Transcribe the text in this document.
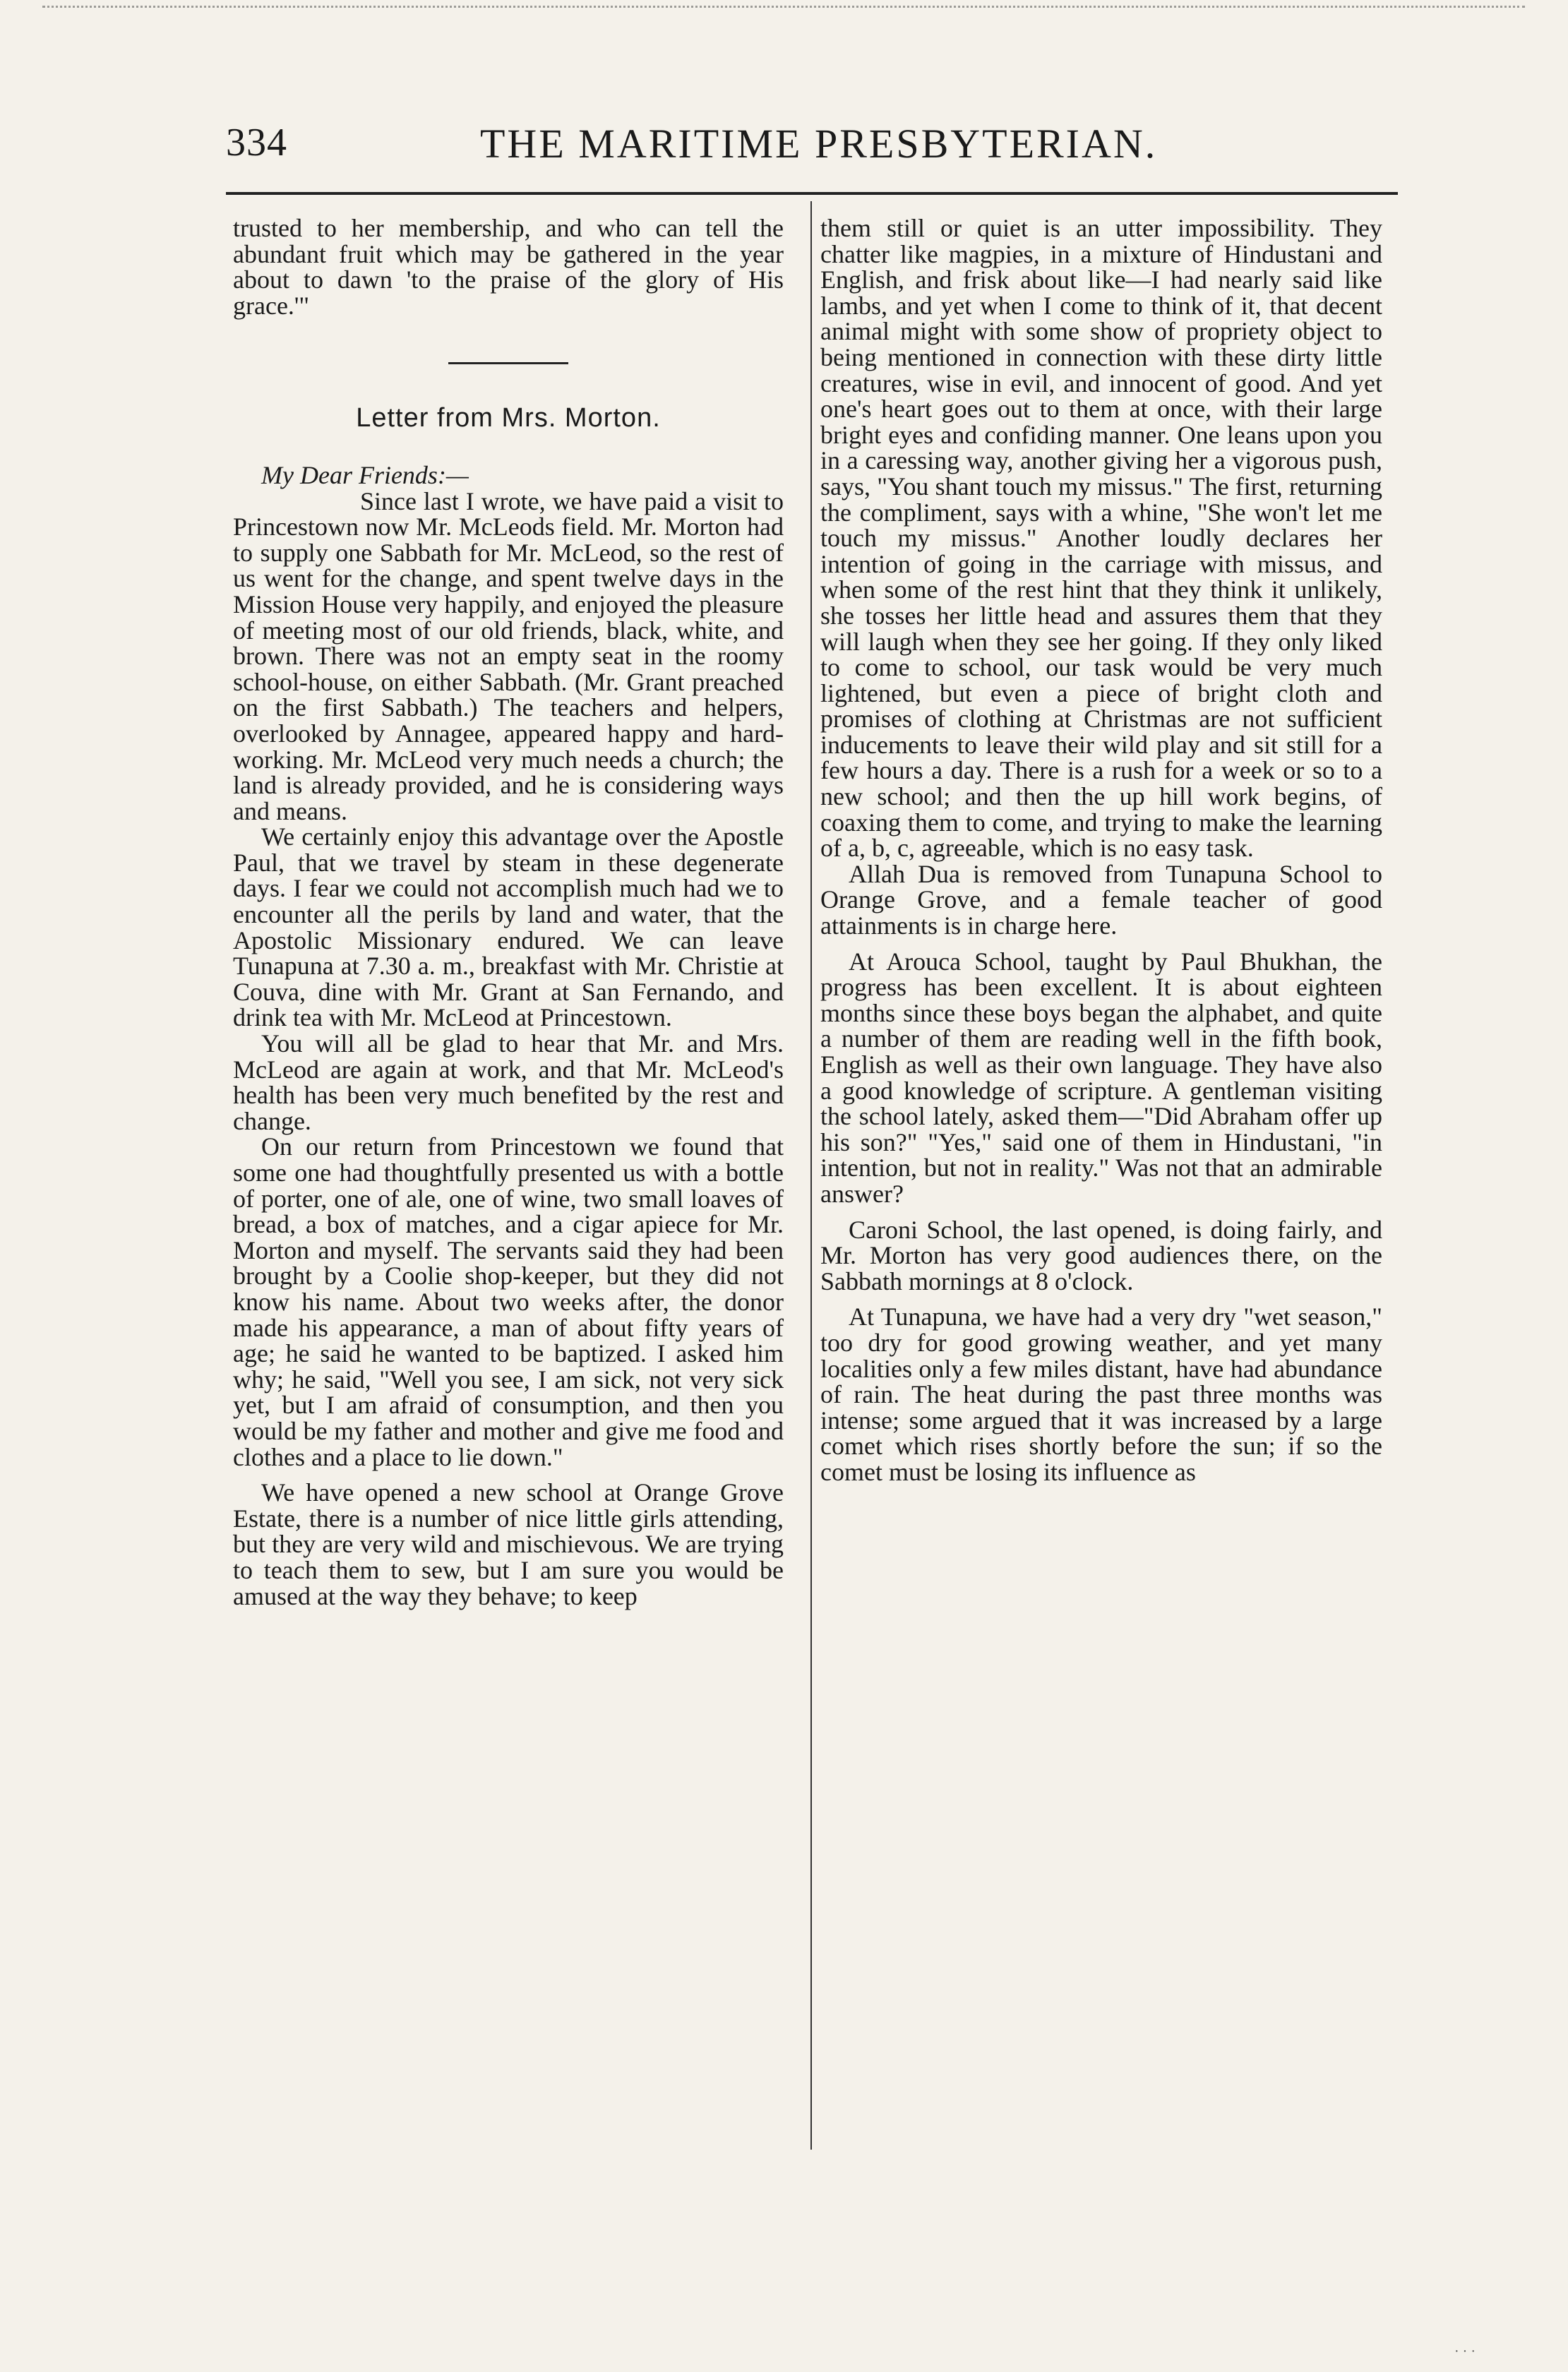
334	THE MARITIME PRESBYTERIAN.

trusted to her membership, and who can tell the abundant fruit which may be gathered in the year about to dawn 'to the praise of the glory of His grace.'"

Letter from Mrs. Morton.

My Dear Friends:—

Since last I wrote, we have paid a visit to Princestown now Mr. McLeods field. Mr. Morton had to supply one Sabbath for Mr. McLeod, so the rest of us went for the change, and spent twelve days in the Mission House very happily, and enjoyed the pleasure of meeting most of our old friends, black, white, and brown. There was not an empty seat in the roomy school-house, on either Sabbath. (Mr. Grant preached on the first Sabbath.) The teachers and helpers, overlooked by Annagee, appeared happy and hard-working. Mr. McLeod very much needs a church; the land is already provided, and he is considering ways and means.

We certainly enjoy this advantage over the Apostle Paul, that we travel by steam in these degenerate days. I fear we could not accomplish much had we to encounter all the perils by land and water, that the Apostolic Missionary endured. We can leave Tunapuna at 7.30 a. m., breakfast with Mr. Christie at Couva, dine with Mr. Grant at San Fernando, and drink tea with Mr. McLeod at Princestown.

You will all be glad to hear that Mr. and Mrs. McLeod are again at work, and that Mr. McLeod's health has been very much benefited by the rest and change.

On our return from Princestown we found that some one had thoughtfully presented us with a bottle of porter, one of ale, one of wine, two small loaves of bread, a box of matches, and a cigar apiece for Mr. Morton and myself. The servants said they had been brought by a Coolie shop-keeper, but they did not know his name. About two weeks after, the donor made his appearance, a man of about fifty years of age; he said he wanted to be baptized. I asked him why; he said, "Well you see, I am sick, not very sick yet, but I am afraid of consumption, and then you would be my father and mother and give me food and clothes and a place to lie down."

We have opened a new school at Orange Grove Estate, there is a number of nice little girls attending, but they are very wild and mischievous. We are trying to teach them to sew, but I am sure you would be amused at the way they behave; to keep

them still or quiet is an utter impossibility. They chatter like magpies, in a mixture of Hindustani and English, and frisk about like—I had nearly said like lambs, and yet when I come to think of it, that decent animal might with some show of propriety object to being mentioned in connection with these dirty little creatures, wise in evil, and innocent of good. And yet one's heart goes out to them at once, with their large bright eyes and confiding manner. One leans upon you in a caressing way, another giving her a vigorous push, says, "You shant touch my missus." The first, returning the compliment, says with a whine, "She won't let me touch my missus." Another loudly declares her intention of going in the carriage with missus, and when some of the rest hint that they think it unlikely, she tosses her little head and assures them that they will laugh when they see her going. If they only liked to come to school, our task would be very much lightened, but even a piece of bright cloth and promises of clothing at Christmas are not sufficient inducements to leave their wild play and sit still for a few hours a day. There is a rush for a week or so to a new school; and then the up hill work begins, of coaxing them to come, and trying to make the learning of a, b, c, agreeable, which is no easy task.

Allah Dua is removed from Tunapuna School to Orange Grove, and a female teacher of good attainments is in charge here.

At Arouca School, taught by Paul Bhukhan, the progress has been excellent. It is about eighteen months since these boys began the alphabet, and quite a number of them are reading well in the fifth book, English as well as their own language. They have also a good knowledge of scripture. A gentleman visiting the school lately, asked them—"Did Abraham offer up his son?" "Yes," said one of them in Hindustani, "in intention, but not in reality." Was not that an admirable answer?

Caroni School, the last opened, is doing fairly, and Mr. Morton has very good audiences there, on the Sabbath mornings at 8 o'clock.

At Tunapuna, we have had a very dry "wet season," too dry for good growing weather, and yet many localities only a few miles distant, have had abundance of rain. The heat during the past three months was intense; some argued that it was increased by a large comet which rises shortly before the sun; if so the comet must be losing its influence as

· · ·
